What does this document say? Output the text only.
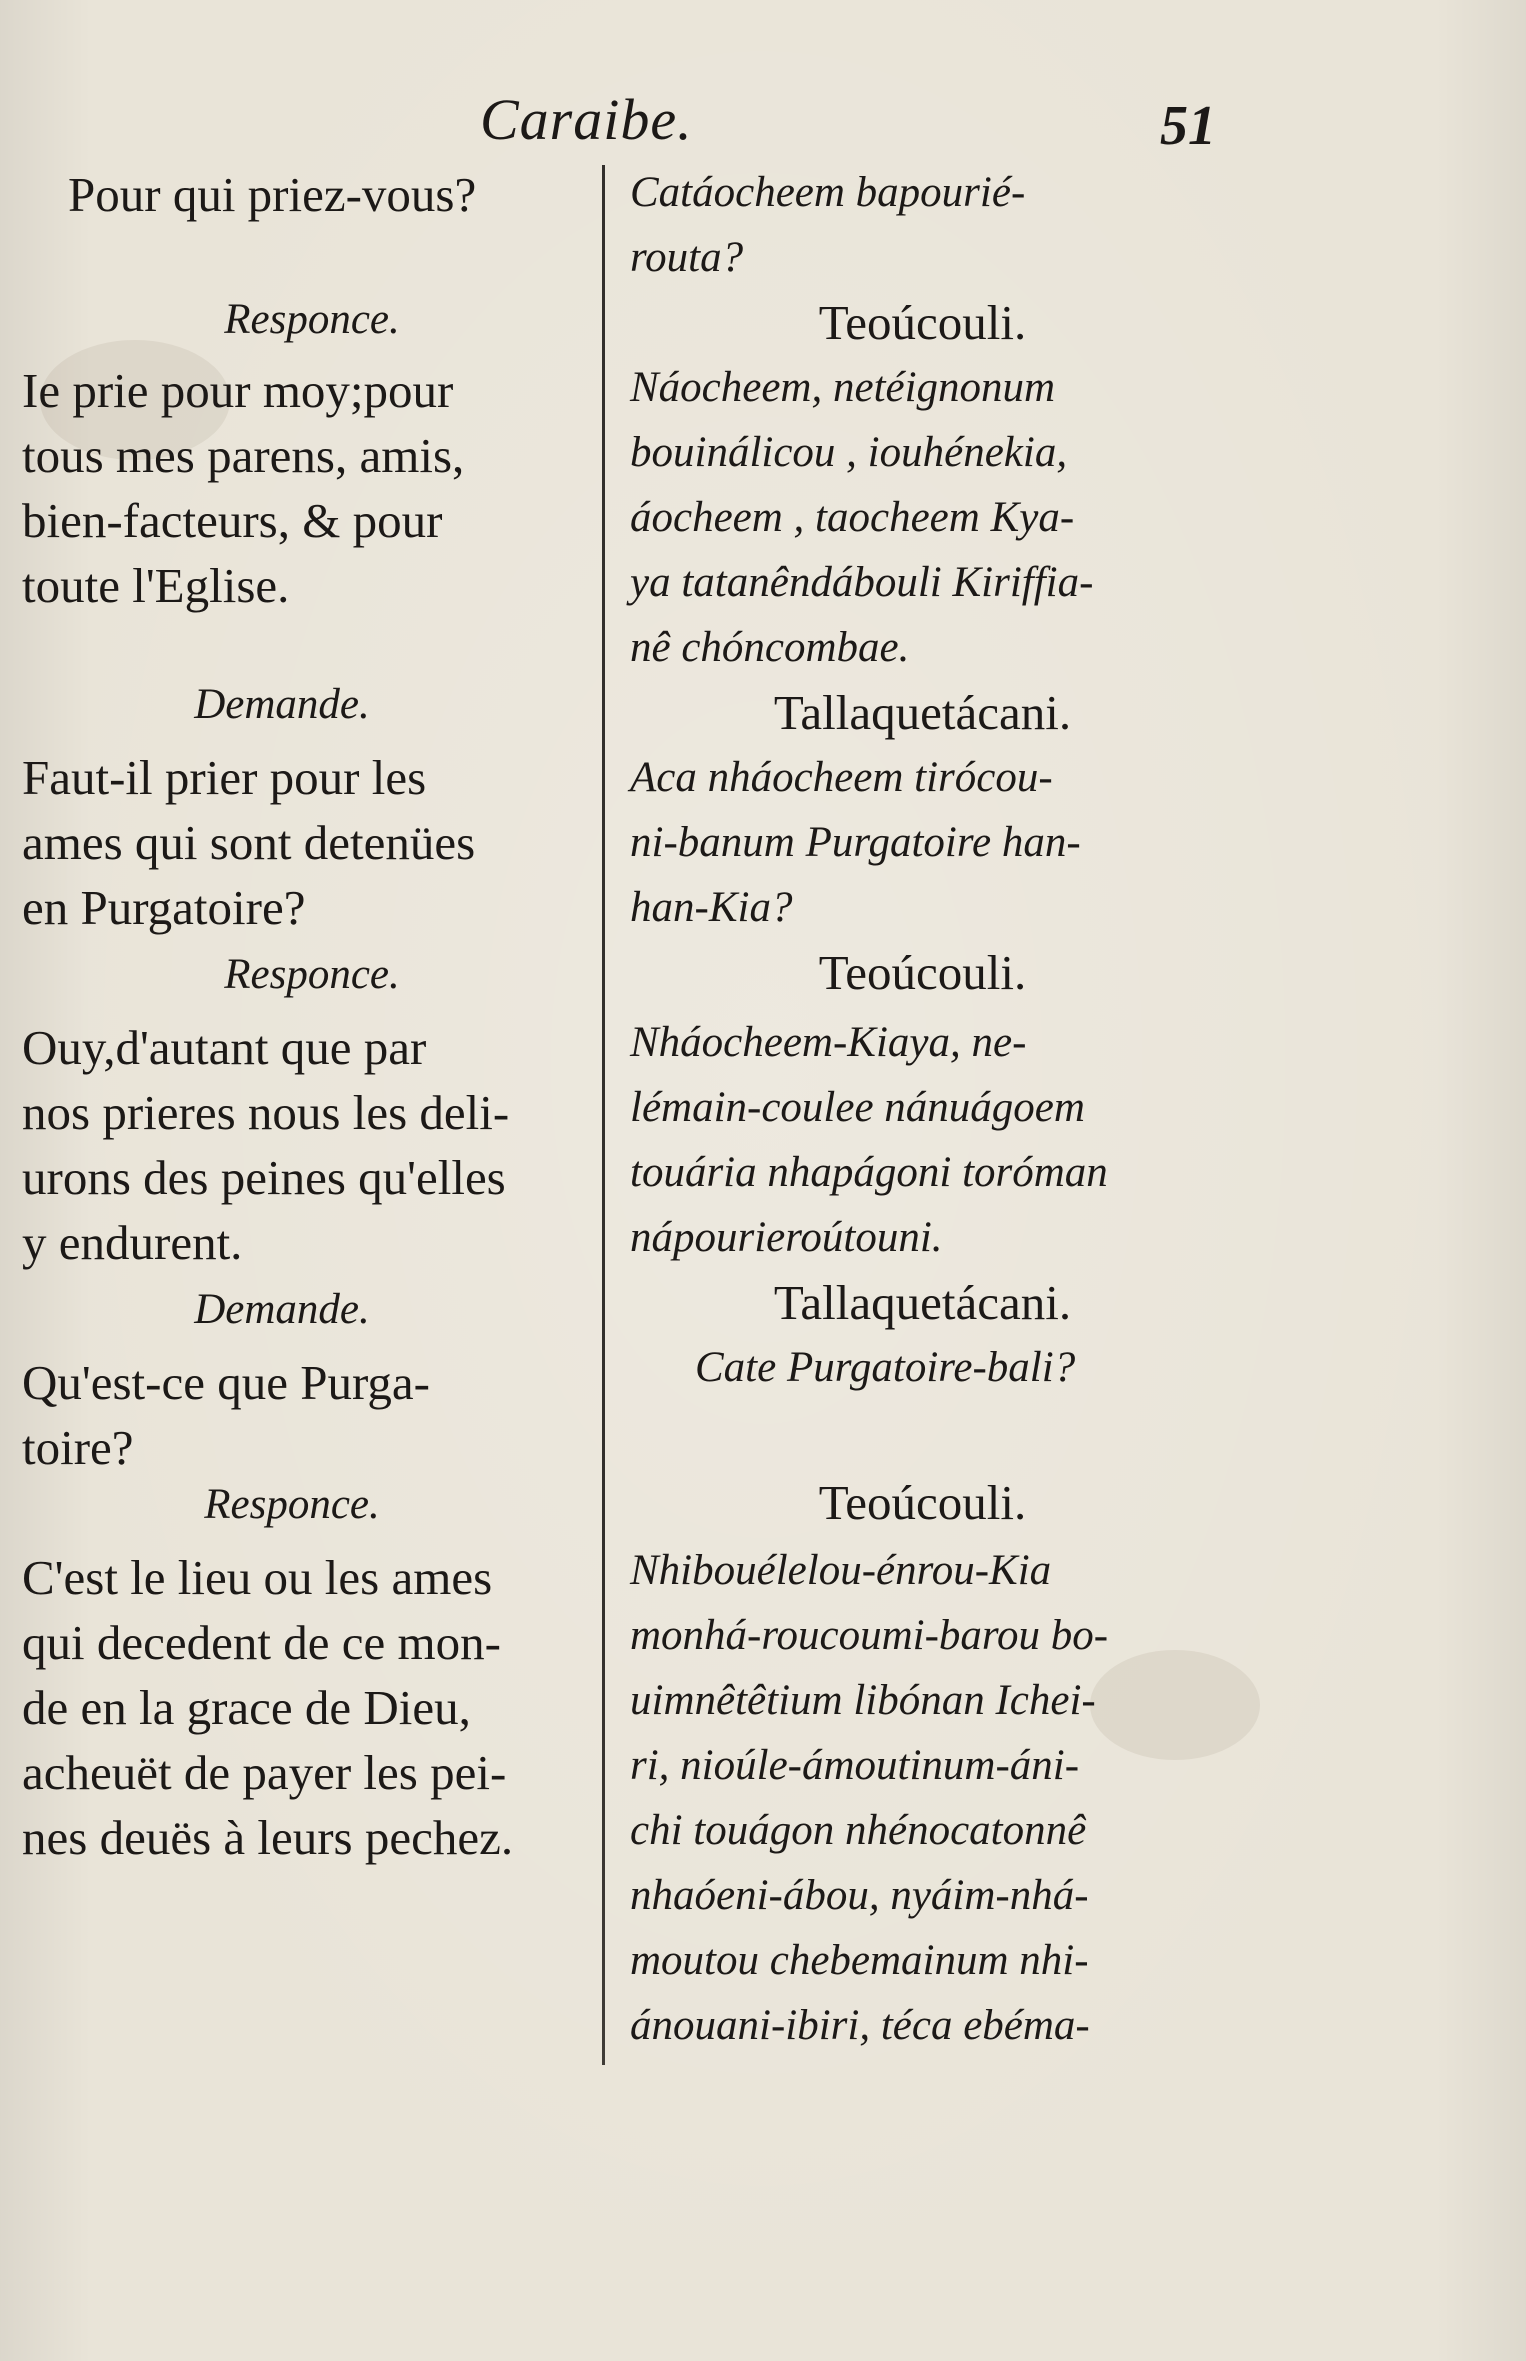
Caraibe.	51
Pour qui priez-vous?
Responce.
Ie prie pour moy;pour
tous mes parens, amis,
bien-facteurs, & pour
toute l'Eglise.
Demande.
Faut-il prier pour les
ames qui sont detenües
en Purgatoire?
Responce.
Ouy,d'autant que par
nos prieres nous les deli-
urons des peines qu'elles
y endurent.
Demande.
Qu'est-ce que Purga-
toire?
Responce.
C'est le lieu ou les ames
qui decedent de ce mon-
de en la grace de Dieu,
acheuët de payer les pei-
nes deuës à leurs pechez.
Catáocheem bapourié-
routa?
Teoúcouli.
Náocheem, netéignonum
bouinálicou , iouhénekia,
áocheem , taocheem Kya-
ya tatanêndábouli Kiriffia-
nê chóncombae.
Tallaquetácani.
Aca nháocheem tirócou-
ni-banum Purgatoire han-
han-Kia?
Teoúcouli.
Nháocheem-Kiaya, ne-
lémain-coulee nánuágoem
touária nhapágoni toróman
nápourieroútouni.
Tallaquetácani.
Cate Purgatoire-bali?
Teoúcouli.
Nhibouélelou-énrou-Kia
monhá-roucoumi-barou bo-
uimnêtêtium libónan Ichei-
ri, nioúle-ámoutinum-áni-
chi touágon nhénocatonnê
nhaóeni-ábou, nyáim-nhá-
moutou chebemainum nhi-
ánouani-ibiri, téca ebéma-
